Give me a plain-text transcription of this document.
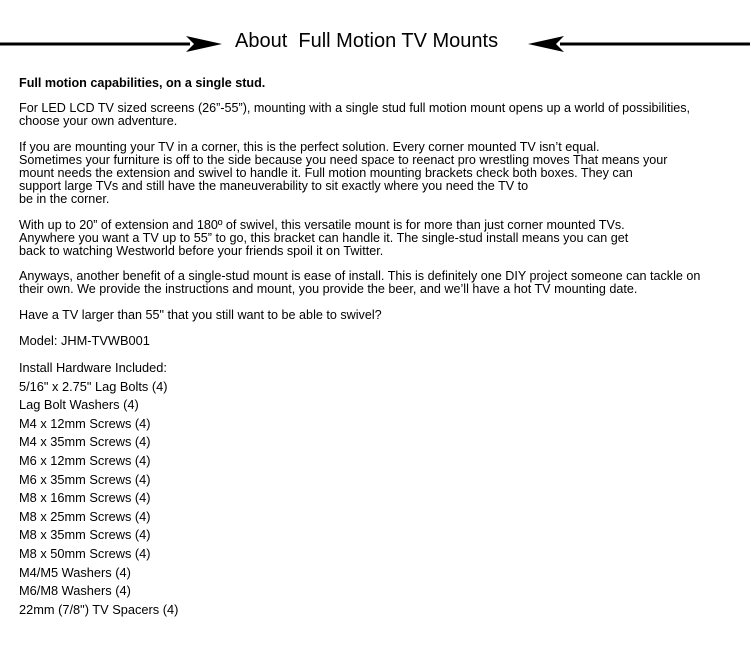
About  Full Motion TV Mounts

Full motion capabilities, on a single stud.

For LED LCD TV sized screens (26”-55”), mounting with a single stud full motion mount opens up a world of possibilities,
choose your own adventure.

If you are mounting your TV in a corner, this is the perfect solution. Every corner mounted TV isn’t equal.
Sometimes your furniture is off to the side because you need space to reenact pro wrestling moves That means your
mount needs the extension and swivel to handle it. Full motion mounting brackets check both boxes. They can
support large TVs and still have the maneuverability to sit exactly where you need the TV to
be in the corner.

With up to 20” of extension and 180º of swivel, this versatile mount is for more than just corner mounted TVs.
Anywhere you want a TV up to 55” to go, this bracket can handle it. The single-stud install means you can get
back to watching Westworld before your friends spoil it on Twitter.

Anyways, another benefit of a single-stud mount is ease of install. This is definitely one DIY project someone can tackle on
their own. We provide the instructions and mount, you provide the beer, and we’ll have a hot TV mounting date.

Have a TV larger than 55" that you still want to be able to swivel?

Model: JHM-TVWB001

Install Hardware Included:
5/16" x 2.75" Lag Bolts (4)
Lag Bolt Washers (4)
M4 x 12mm Screws (4)
M4 x 35mm Screws (4)
M6 x 12mm Screws (4)
M6 x 35mm Screws (4)
M8 x 16mm Screws (4)
M8 x 25mm Screws (4)
M8 x 35mm Screws (4)
M8 x 50mm Screws (4)
M4/M5 Washers (4)
M6/M8 Washers (4)
22mm (7/8") TV Spacers (4)
